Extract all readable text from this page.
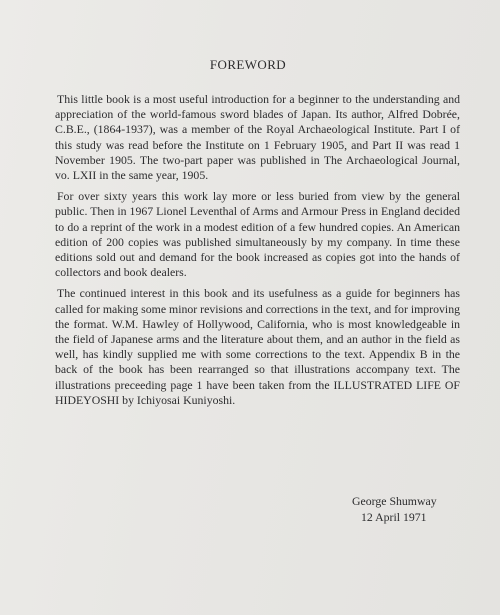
FOREWORD

This little book is a most useful introduction for a beginner to the understanding and appreciation of the world-famous sword blades of Japan. Its author, Alfred Dobrée, C.B.E., (1864-1937), was a member of the Royal Archaeological Institute. Part I of this study was read before the Institute on 1 February 1905, and Part II was read 1 November 1905. The two-part paper was published in The Archaeological Journal, vo. LXII in the same year, 1905.

For over sixty years this work lay more or less buried from view by the general public. Then in 1967 Lionel Leventhal of Arms and Armour Press in England decided to do a reprint of the work in a modest edition of a few hundred copies. An American edition of 200 copies was published simultaneously by my company. In time these editions sold out and demand for the book increased as copies got into the hands of collectors and book dealers.

The continued interest in this book and its usefulness as a guide for beginners has called for making some minor revisions and corrections in the text, and for improving the format. W.M. Hawley of Hollywood, California, who is most knowledgeable in the field of Japanese arms and the literature about them, and an author in the field as well, has kindly supplied me with some corrections to the text. Appendix B in the back of the book has been rearranged so that illustrations accompany text. The illustrations preceeding page 1 have been taken from the ILLUSTRATED LIFE OF HIDEYOSHI by Ichiyosai Kuniyoshi.

George Shumway
12 April 1971
